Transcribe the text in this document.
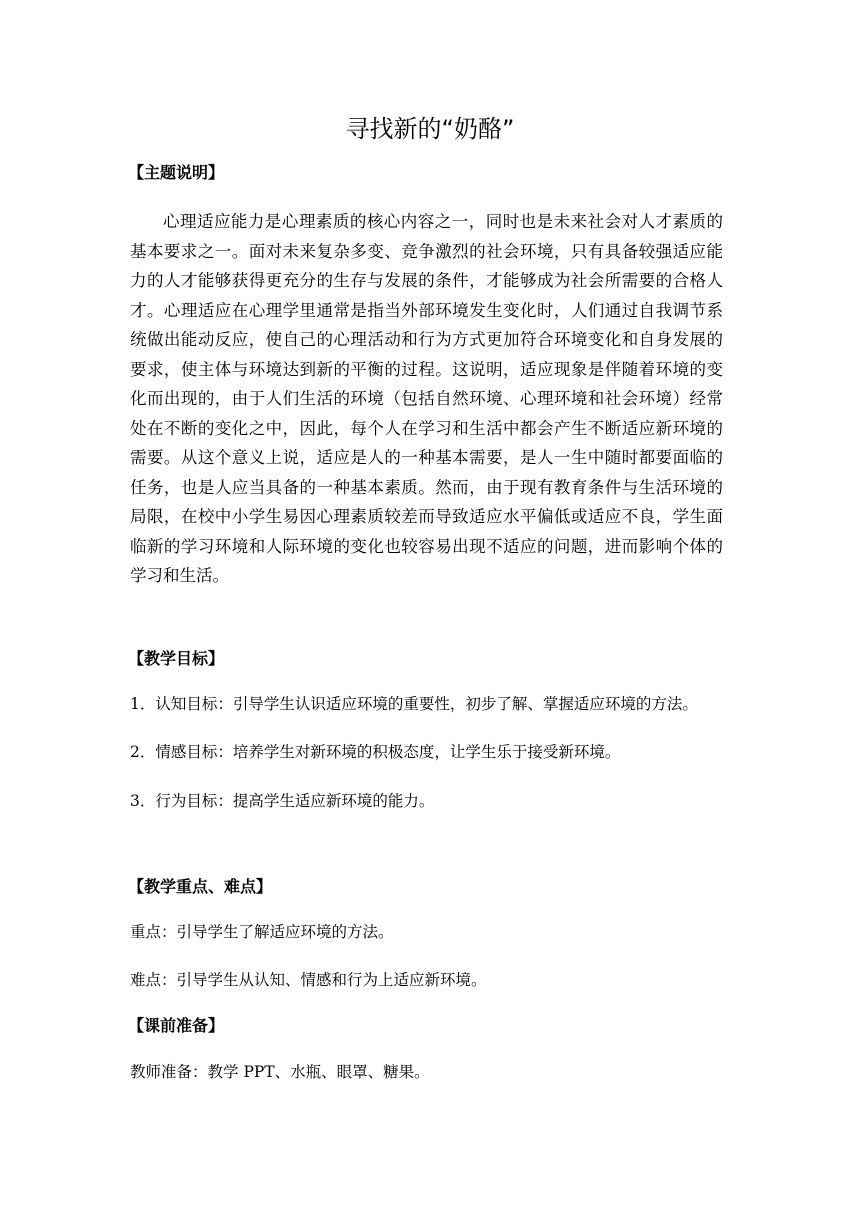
寻找新的“奶酪”
【主题说明】

心理适应能力是心理素质的核心内容之一，同时也是未来社会对人才素质的基本要求之一。面对未来复杂多变、竞争激烈的社会环境，只有具备较强适应能力的人才能够获得更充分的生存与发展的条件，才能够成为社会所需要的合格人才。心理适应在心理学里通常是指当外部环境发生变化时，人们通过自我调节系统做出能动反应，使自己的心理活动和行为方式更加符合环境变化和自身发展的要求，使主体与环境达到新的平衡的过程。这说明，适应现象是伴随着环境的变化而出现的，由于人们生活的环境（包括自然环境、心理环境和社会环境）经常处在不断的变化之中，因此，每个人在学习和生活中都会产生不断适应新环境的需要。从这个意义上说，适应是人的一种基本需要，是人一生中随时都要面临的任务，也是人应当具备的一种基本素质。然而，由于现有教育条件与生活环境的局限，在校中小学生易因心理素质较差而导致适应水平偏低或适应不良，学生面临新的学习环境和人际环境的变化也较容易出现不适应的问题，进而影响个体的学习和生活。

【教学目标】
1．认知目标：引导学生认识适应环境的重要性，初步了解、掌握适应环境的方法。
2．情感目标：培养学生对新环境的积极态度，让学生乐于接受新环境。
3．行为目标：提高学生适应新环境的能力。
【教学重点、难点】
重点：引导学生了解适应环境的方法。
难点：引导学生从认知、情感和行为上适应新环境。
【课前准备】
教师准备：教学 PPT、水瓶、眼罩、糖果。
